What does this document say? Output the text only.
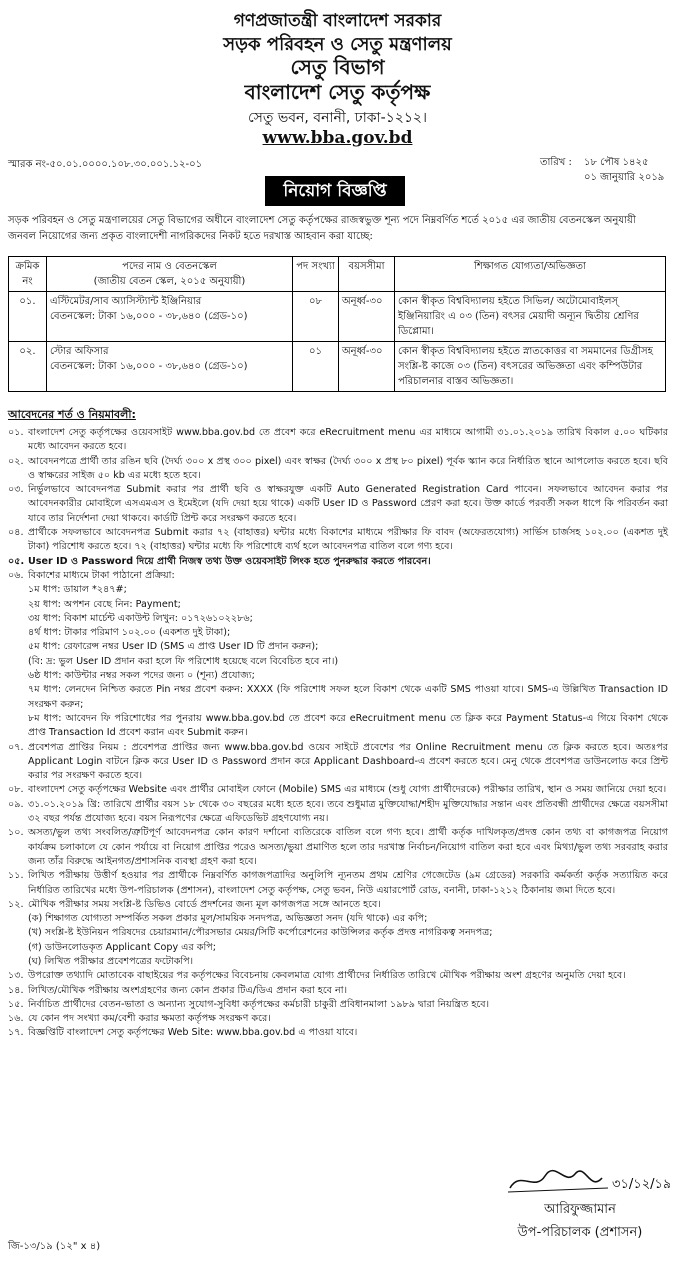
গণপ্রজাতন্ত্রী বাংলাদেশ সরকার
সড়ক পরিবহন ও সেতু মন্ত্রণালয়
সেতু বিভাগ
বাংলাদেশ সেতু কর্তৃপক্ষ
সেতু ভবন, বনানী, ঢাকা-১২১২।
www.bba.gov.bd
স্মারক নং-৫০.০১.০০০০.১০৮.৩০.০০১.১২-০১	তারিখ : ১৮ পৌষ ১৪২৫
০১ জানুয়ারি ২০১৯
নিয়োগ বিজ্ঞপ্তি
সড়ক পরিবহন ও সেতু মন্ত্রণালয়ের সেতু বিভাগের অধীনে বাংলাদেশ সেতু কর্তৃপক্ষের রাজস্বভুক্ত শূন্য পদে নিম্নবর্ণিত শর্তে ২০১৫ এর জাতীয় বেতনস্কেল অনুযায়ী জনবল নিয়োগের জন্য প্রকৃত বাংলাদেশী নাগরিকদের নিকট হতে দরখাস্ত আহবান করা যাচ্ছে:
ক্রমিক নং	পদের নাম ও বেতনস্কেল
(জাতীয় বেতন স্কেল, ২০১৫ অনুযায়ী)	পদ সংখ্যা	বয়সসীমা	শিক্ষাগত যোগ্যতা/অভিজ্ঞতা
০১.	এস্টিমেটর/সাব অ্যাসিস্ট্যান্ট ইঞ্জিনিয়ার
বেতনস্কেল: টাকা ১৬,০০০ - ৩৮,৬৪০ (গ্রেড-১০)	০৮	অনূর্ধ্ব-৩০	কোন স্বীকৃত বিশ্ববিদ্যালয় হইতে সিভিল/ অটোমোবাইলস্ ইঞ্জিনিয়ারিং এ ০৩ (তিন) বৎসর মেয়াদী অন্যূন দ্বিতীয় শ্রেণির ডিপ্লোমা।
০২.	স্টোর অফিসার
বেতনস্কেল: টাকা ১৬,০০০ - ৩৮,৬৪০ (গ্রেড-১০)	০১	অনূর্ধ্ব-৩০	কোন স্বীকৃত বিশ্ববিদ্যালয় হইতে স্নাতকোত্তর বা সমমানের ডিগ্রীসহ সংশ্লি-ষ্ট কাজে ০৩ (তিন) বৎসরের অভিজ্ঞতা এবং কম্পিউটার পরিচালনার বাস্তব অভিজ্ঞতা।
আবেদনের শর্ত ও নিয়মাবলী:
০১. বাংলাদেশ সেতু কর্তৃপক্ষের ওয়েবসাইট www.bba.gov.bd তে প্রবেশ করে eRecruitment menu এর মাধ্যমে আগামী ৩১.০১.২০১৯ তারিখ বিকাল ৫.০০ ঘটিকার মধ্যে আবেদন করতে হবে।
০২. আবেদনপত্রে প্রার্থী তার রঙিন ছবি (দৈর্ঘ্য ৩০০ x প্রস্থ ৩০০ pixel) এবং স্বাক্ষর (দৈর্ঘ্য ৩০০ x প্রস্থ ৮০ pixel) পূর্বক স্ক্যান করে নির্ধারিত স্থানে আপলোড করতে হবে। ছবি ও স্বাক্ষরের সাইজ ৫০ kb এর মধ্যে হতে হবে।
০৩. নির্ভুলভাবে আবেদনপত্র Submit করার পর প্রার্থী ছবি ও স্বাক্ষরযুক্ত একটি Auto Generated Registration Card পাবেন। সফলভাবে আবেদন করার পর আবেদনকারীর মোবাইলে এসএমএস ও ইমেইলে (যদি দেয়া হয়ে থাকে) একটি User ID ও Password প্রেরণ করা হবে। উক্ত কার্ডে পরবর্তী সকল ধাপে কি পরিবর্তন করা যাবে তার নির্দেশনা দেয়া থাকবে। কার্ডটি প্রিন্ট করে সংরক্ষণ করতে হবে।
০৪. প্রার্থীকে সফলভাবে আবেদনপত্র Submit করার ৭২ (বাহাত্তর) ঘন্টার মধ্যে বিকাশের মাধ্যমে পরীক্ষার ফি বাবদ (অফেরতযোগ্য) সার্ভিস চার্জসহ ১০২.০০ (একশত দুই টাকা) পরিশোধ করতে হবে। ৭২ (বাহাত্তর) ঘন্টার মধ্যে ফি পরিশোধে ব্যর্থ হলে আবেদনপত্র বাতিল বলে গণ্য হবে।
০৫. User ID ও Password দিয়ে প্রার্থী নিজস্ব তথ্য উক্ত ওয়েবসাইট লিংক হতে পুনরুদ্ধার করতে পারবেন।
০৬. বিকাশের মাধ্যমে টাকা পাঠানো প্রক্রিয়া:
১ম ধাপ: ডায়াল *২৪৭#;
২য় ধাপ: অপশন বেছে নিন: Payment;
৩য় ধাপ: বিকাশ মার্চেন্ট একাউন্ট লিখুন: ০১৭২৬১০২২৮৬;
৪র্থ ধাপ: টাকার পরিমাণ ১০২.০০ (একশত দুই টাকা);
৫ম ধাপ: রেফারেন্স নম্বর User ID (SMS এ প্রাপ্ত User ID টি প্রদান করুন);
(বি: দ্র: ভুল User ID প্রদান করা হলে ফি পরিশোধ হয়েছে বলে বিবেচিত হবে না।)
৬ষ্ঠ ধাপ: কাউন্টার নম্বর সকল পদের জন্য ০ (শূন্য) প্রযোজ্য;
৭ম ধাপ: লেনদেন নিশ্চিত করতে Pin নম্বর প্রবেশ করুন: XXXX (ফি পরিশোধ সফল হলে বিকাশ থেকে একটি SMS পাওয়া যাবে। SMS-এ উল্লিখিত Transaction ID সংরক্ষণ করুন;
৮ম ধাপ: আবেদন ফি পরিশোধের পর পুনরায় www.bba.gov.bd তে প্রবেশ করে eRecruitment menu তে ক্লিক করে Payment Status-এ গিয়ে বিকাশ থেকে প্রাপ্ত Transaction Id প্রবেশ করান এবং Submit করুন।
০৭. প্রবেশপত্র প্রাপ্তির নিয়ম : প্রবেশপত্র প্রাপ্তির জন্য www.bba.gov.bd ওয়েব সাইটে প্রবেশের পর Online Recruitment menu তে ক্লিক করতে হবে। অতঃপর Applicant Login বাটনে ক্লিক করে User ID ও Password প্রদান করে Applicant Dashboard-এ প্রবেশ করতে হবে। মেনু থেকে প্রবেশপত্র ডাউনলোড করে প্রিন্ট করার পর সংরক্ষণ করতে হবে।
০৮. বাংলাদেশ সেতু কর্তৃপক্ষের Website এবং প্রার্থীর মোবাইল ফোনে (Mobile) SMS এর মাধ্যমে (শুধু যোগ্য প্রার্থীদেরকে) পরীক্ষার তারিখ, স্থান ও সময় জানিয়ে দেয়া হবে।
০৯. ৩১.০১.২০১৯ খ্রি: তারিখে প্রার্থীর বয়স ১৮ থেকে ৩০ বছরের মধ্যে হতে হবে। তবে শুধুমাত্র মুক্তিযোদ্ধা/শহীদ মুক্তিযোদ্ধার সন্তান এবং প্রতিবন্ধী প্রার্থীদের ক্ষেত্রে বয়সসীমা ৩২ বছর পর্যন্ত প্রযোজ্য হবে। বয়স নিরূপণের ক্ষেত্রে এফিডেভিট গ্রহণযোগ্য নয়।
১০. অসত্য/ভুল তথ্য সংবলিত/ত্রুটিপূর্ণ আবেদনপত্র কোন কারণ দর্শানো ব্যতিরেকে বাতিল বলে গণ্য হবে। প্রার্থী কর্তৃক দাখিলকৃত/প্রদত্ত কোন তথ্য বা কাগজপত্র নিয়োগ কার্যক্রম চলাকালে যে কোন পর্যায়ে বা নিয়োগ প্রাপ্তির পরেও অসত্য/ভুয়া প্রমাণিত হলে তার দরখাস্ত নির্বাচন/নিয়োগ বাতিল করা হবে এবং মিথ্যা/ভুল তথ্য সরবরাহ করার জন্য তাঁর বিরুদ্ধে আইনগত/প্রশাসনিক ব্যবস্থা গ্রহণ করা হবে।
১১. লিখিত পরীক্ষায় উত্তীর্ণ হওয়ার পর প্রার্থীকে নিম্নবর্ণিত কাগজপত্রাদির অনুলিপি ন্যূনতম প্রথম শ্রেণির গেজেটেড (৯ম গ্রেডের) সরকারি কর্মকর্তা কর্তৃক সত্যায়িত করে নির্ধারিত তারিখের মধ্যে উপ-পরিচালক (প্রশাসন), বাংলাদেশ সেতু কর্তৃপক্ষ, সেতু ভবন, নিউ এয়ারপোর্ট রোড, বনানী, ঢাকা-১২১২ ঠিকানায় জমা দিতে হবে।
১২. মৌখিক পরীক্ষার সময় সংশ্লি-ষ্ট ডিভিও বোর্ডে প্রদর্শনের জন্য মূল কাগজপত্র সঙ্গে আনতে হবে।
(ক) শিক্ষাগত যোগ্যতা সম্পর্কিত সকল প্রকার মূল/সাময়িক সনদপত্র, অভিজ্ঞতা সনদ (যদি থাকে) এর কপি;
(খ) সংশ্লি-ষ্ট ইউনিয়ন পরিষদের চেয়ারম্যান/পৌরসভার মেয়র/সিটি কর্পোরেশনের কাউন্সিলর কর্তৃক প্রদত্ত নাগরিকত্ব সনদপত্র;
(গ) ডাউনলোডকৃত Applicant Copy এর কপি;
(ঘ) লিখিত পরীক্ষার প্রবেশপত্রের ফটোকপি।
১৩. উপরোক্ত তথ্যাদি মোতাবেক বাছাইয়ের পর কর্তৃপক্ষের বিবেচনায় কেবলমাত্র যোগ্য প্রার্থীদের নির্ধারিত তারিখে মৌখিক পরীক্ষায় অংশ গ্রহণের অনুমতি দেয়া হবে।
১৪. লিখিত/মৌখিক পরীক্ষায় অংশগ্রহণের জন্য কোন প্রকার টিএ/ডিএ প্রদান করা হবে না।
১৫. নির্বাচিত প্রার্থীদের বেতন-ভাতা ও অন্যান্য সুযোগ-সুবিধা কর্তৃপক্ষের কর্মচারী চাকুরী প্রবিধানমালা ১৯৮৯ দ্বারা নিয়ন্ত্রিত হবে।
১৬. যে কোন পদ সংখ্যা কম/বেশী করার ক্ষমতা কর্তৃপক্ষ সংরক্ষণ করে।
১৭. বিজ্ঞপ্তিটি বাংলাদেশ সেতু কর্তৃপক্ষের Web Site: www.bba.gov.bd এ পাওয়া যাবে।
৩১/১২/১৯
আরিফুজ্জামান
উপ-পরিচালক (প্রশাসন)
জি-১৩/১৯ (১২" x ৪)
